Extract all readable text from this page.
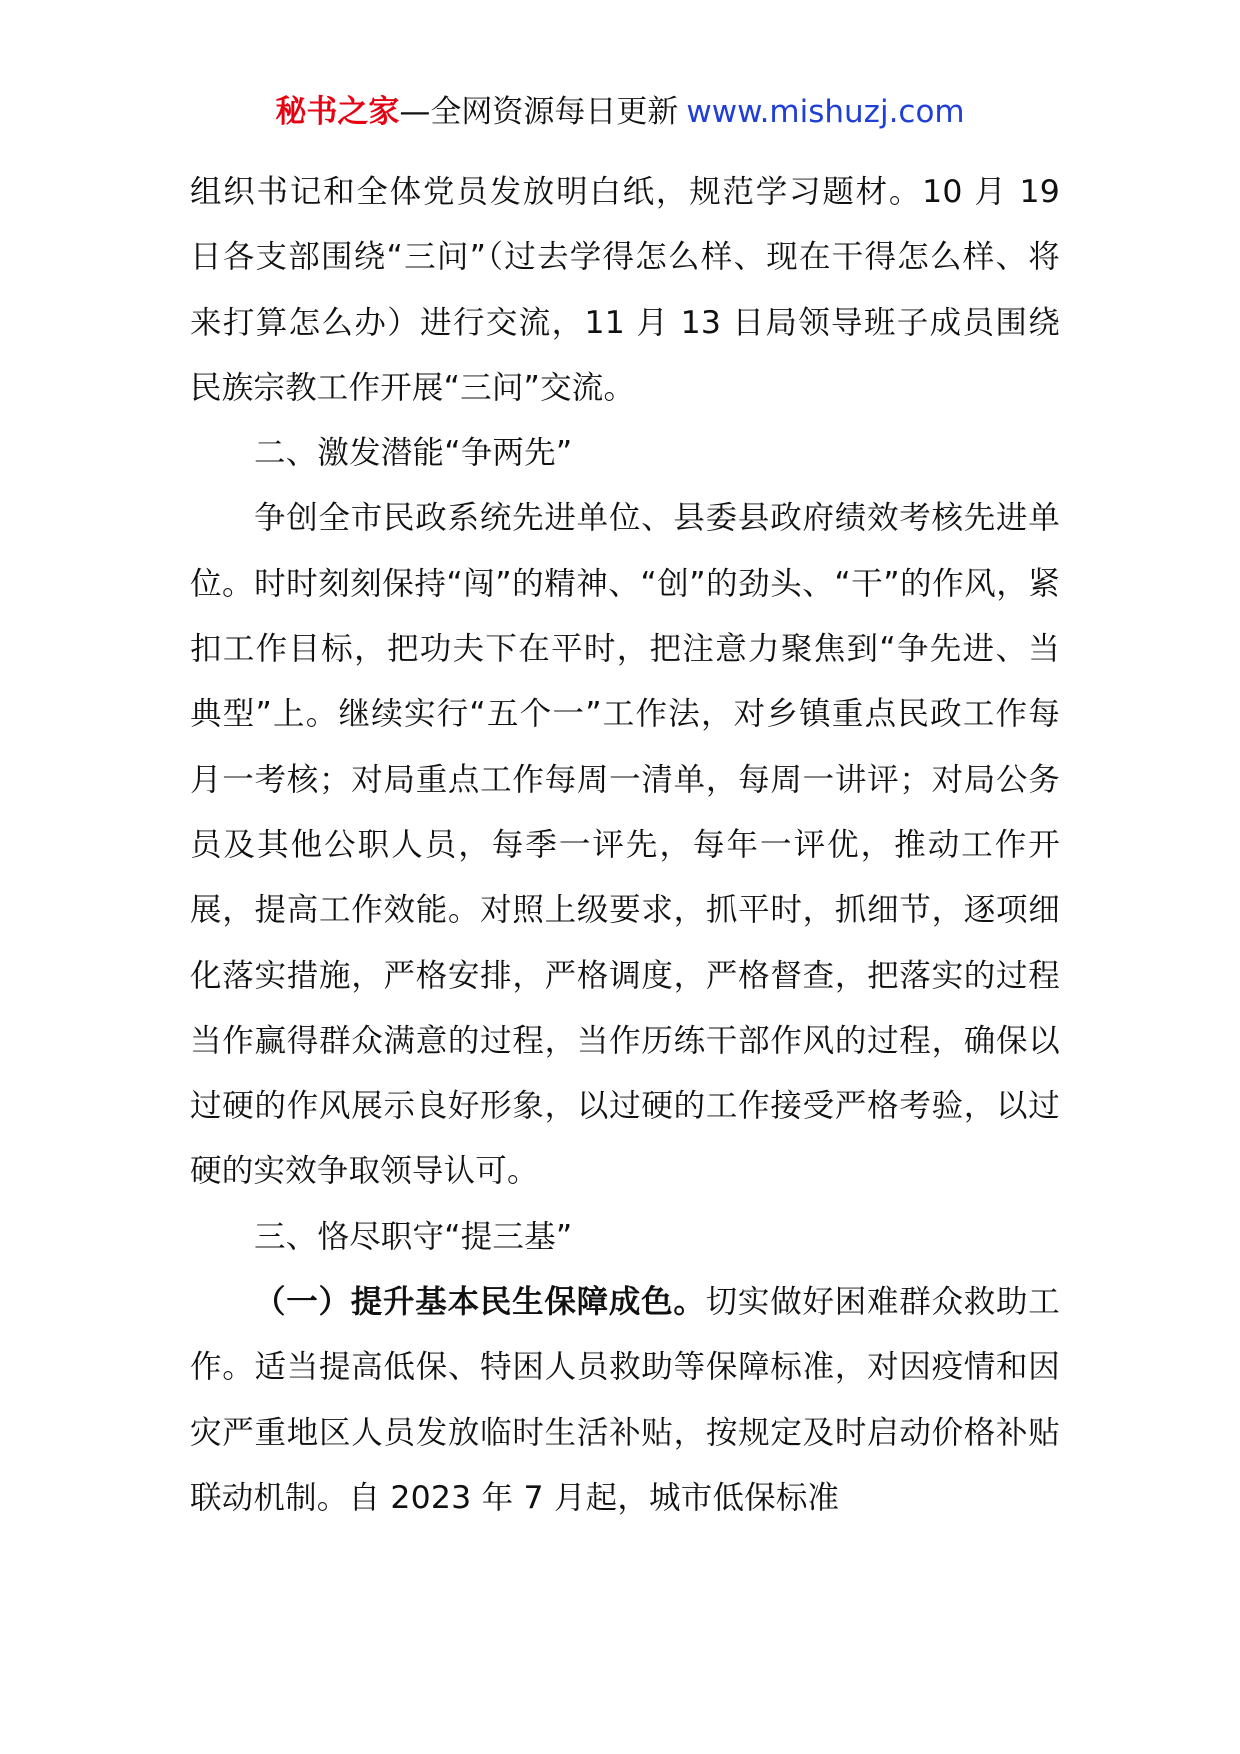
秘书之家—全网资源每日更新 www.mishuzj.com

组织书记和全体党员发放明白纸，规范学习题材。10 月 19 日各支部围绕“三问”（过去学得怎么样、现在干得怎么样、将来打算怎么办）进行交流，11 月 13 日局领导班子成员围绕民族宗教工作开展“三问”交流。

二、激发潜能“争两先”

争创全市民政系统先进单位、县委县政府绩效考核先进单位。时时刻刻保持“闯”的精神、“创”的劲头、“干”的作风，紧扣工作目标，把功夫下在平时，把注意力聚焦到“争先进、当典型”上。继续实行“五个一”工作法，对乡镇重点民政工作每月一考核；对局重点工作每周一清单，每周一讲评；对局公务员及其他公职人员，每季一评先，每年一评优，推动工作开展，提高工作效能。对照上级要求，抓平时，抓细节，逐项细化落实措施，严格安排，严格调度，严格督查，把落实的过程当作赢得群众满意的过程，当作历练干部作风的过程，确保以过硬的作风展示良好形象，以过硬的工作接受严格考验，以过硬的实效争取领导认可。

三、恪尽职守“提三基”

（一）提升基本民生保障成色。切实做好困难群众救助工作。适当提高低保、特困人员救助等保障标准，对因疫情和因灾严重地区人员发放临时生活补贴，按规定及时启动价格补贴联动机制。自 2023 年 7 月起，城市低保标准
